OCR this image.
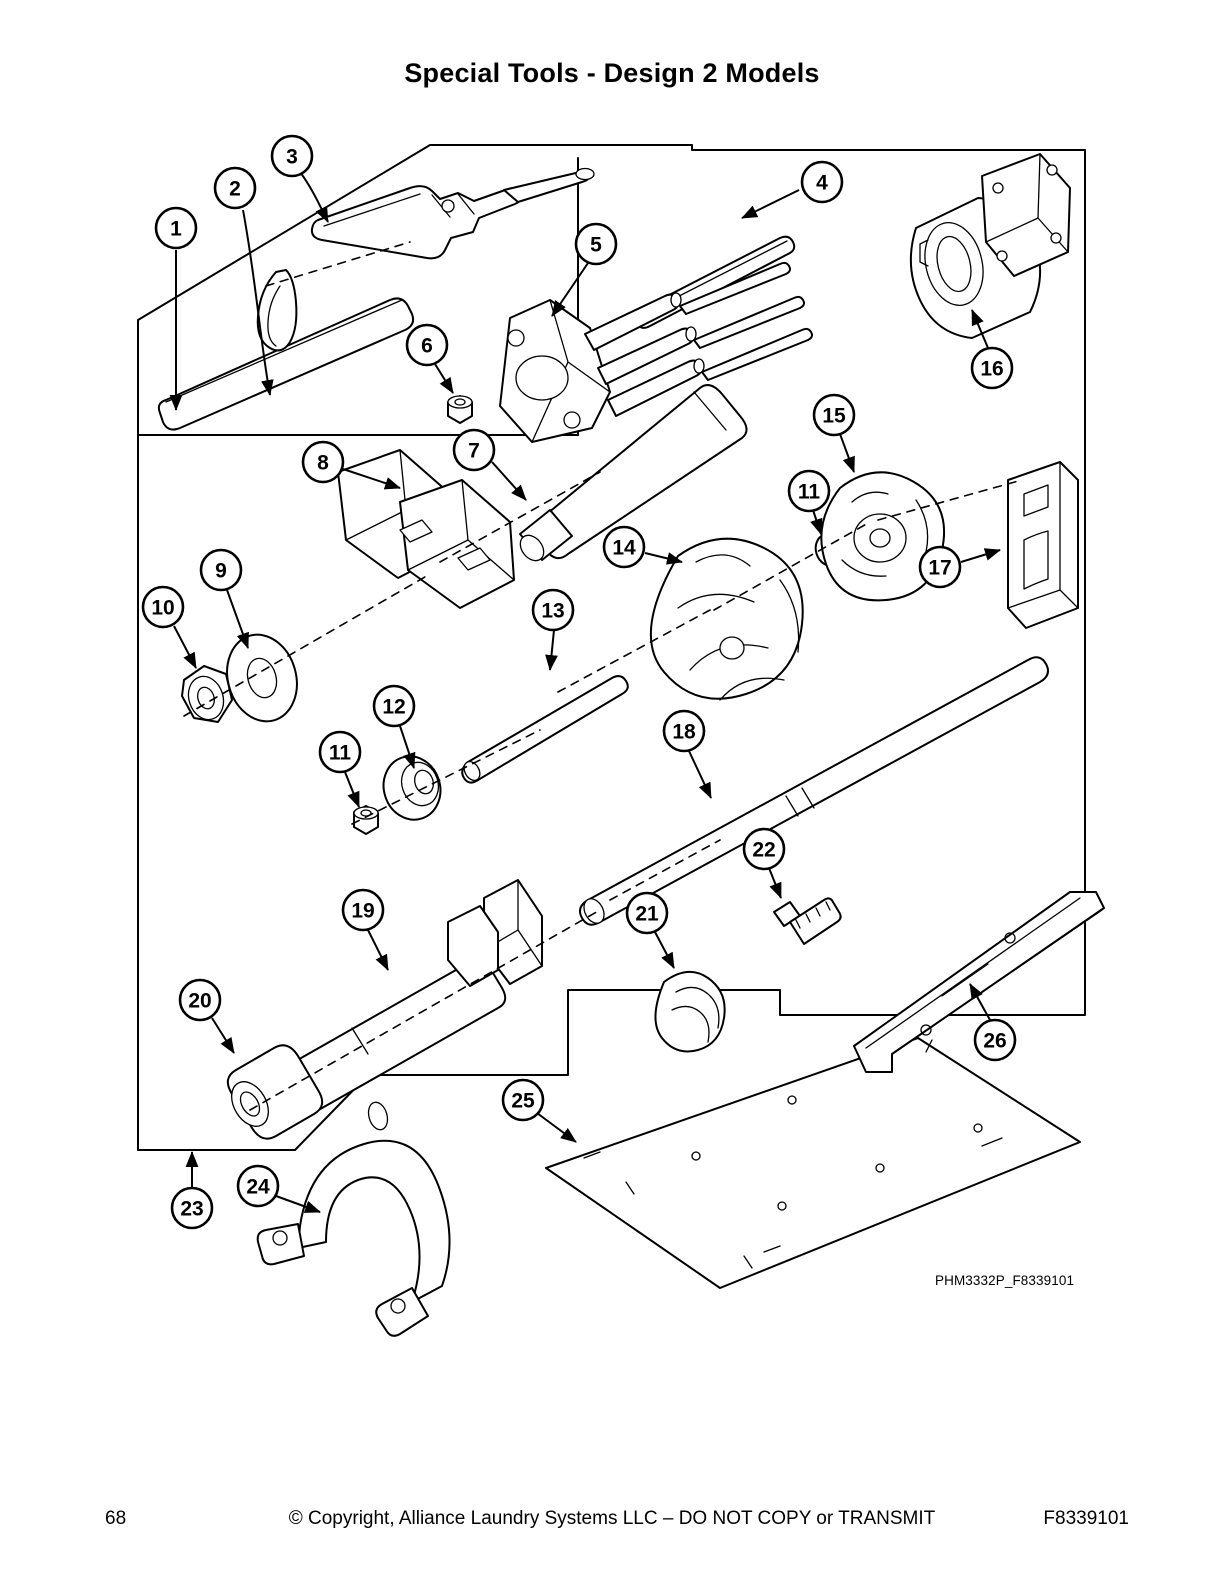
Special Tools - Design 2 Models
1
2
3
4
5
6
7
8
9
10
11
11
12
13
14
15
16
17
18
19
20
21
22
23
24
25
26
PHM3332P_F8339101
68	© Copyright, Alliance Laundry Systems LLC – DO NOT COPY or TRANSMIT	F8339101
